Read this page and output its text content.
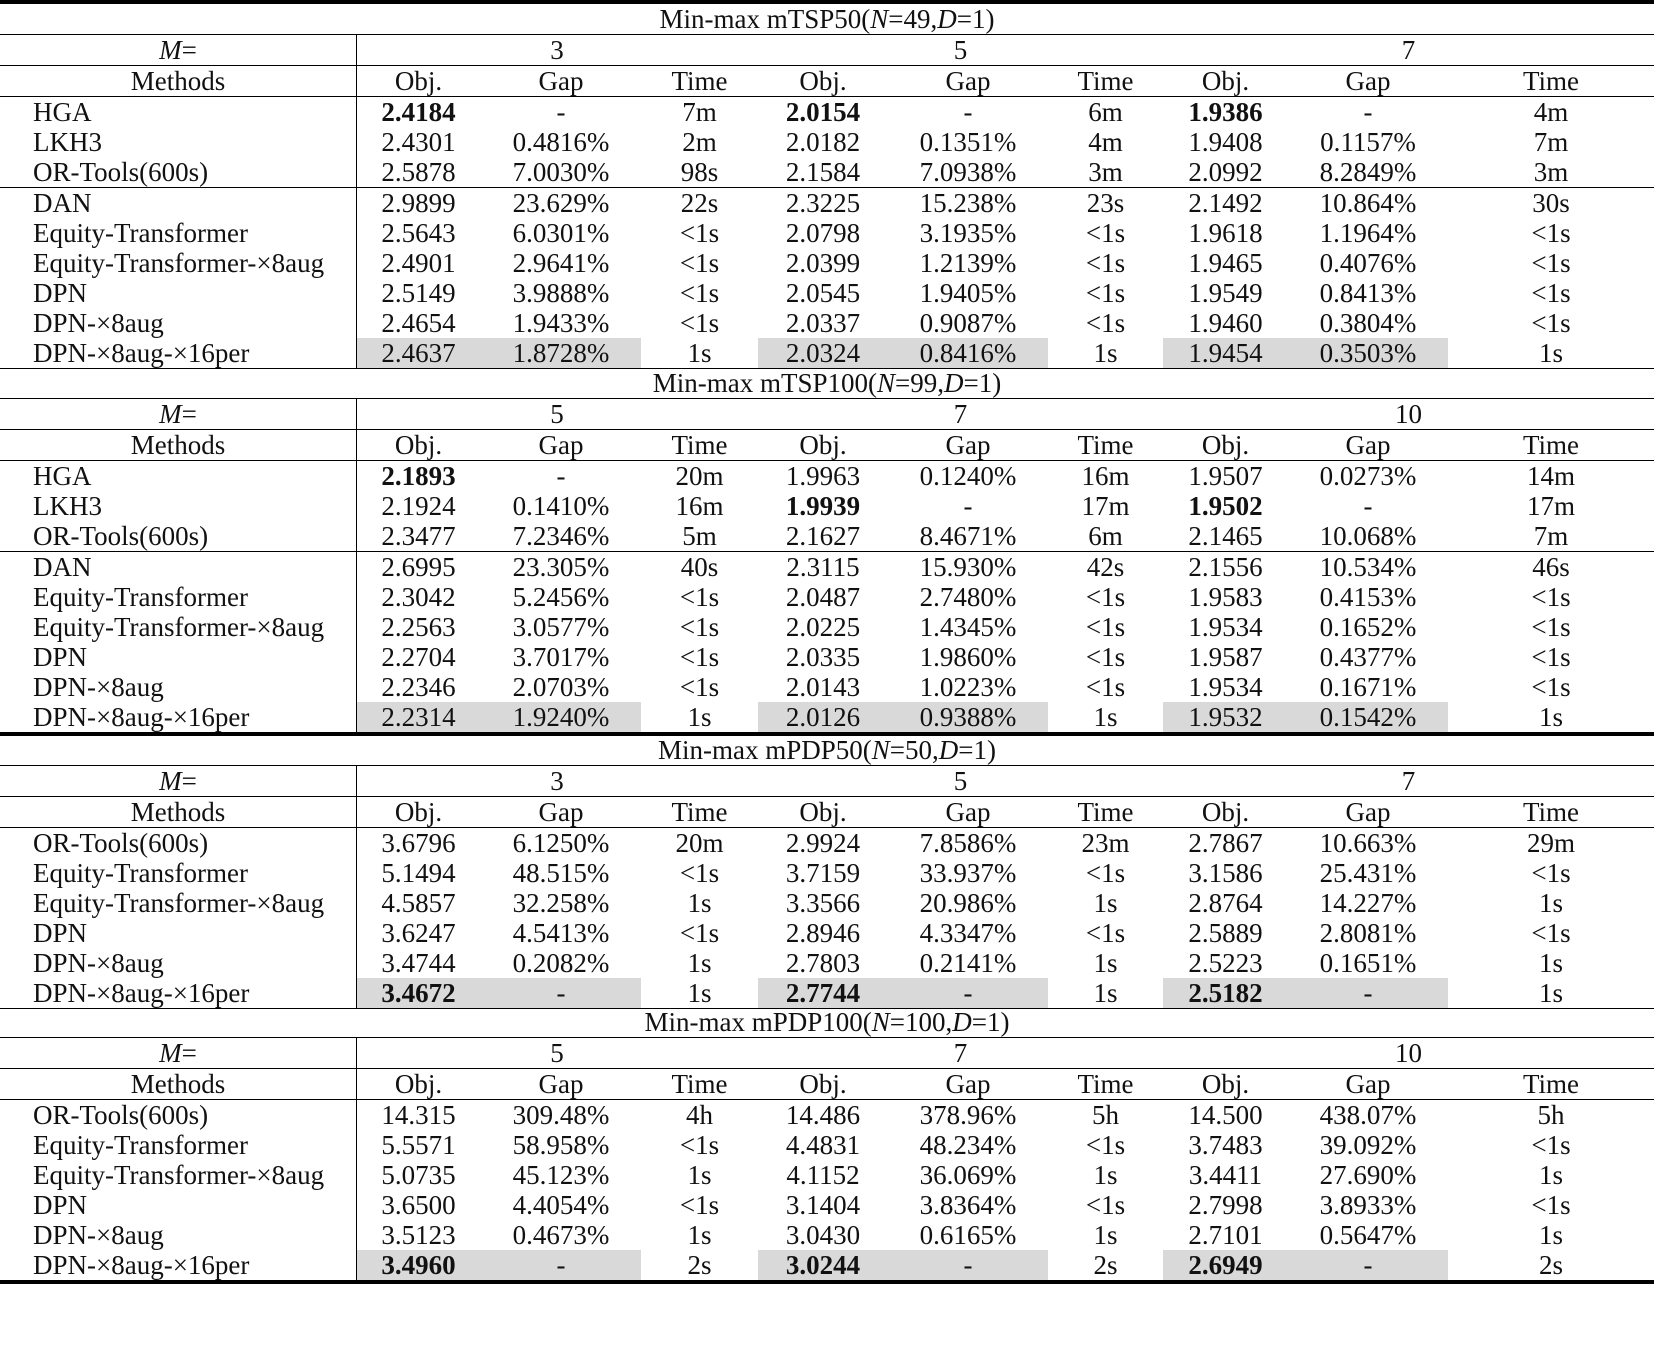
Min-max mTSP50( N =49, D =1)
M =	3	5	7
Methods	Obj.	Gap	Time	Obj.	Gap	Time	Obj.	Gap	Time
HGA	2.4184	-	7m	2.0154	-	6m	1.9386	-	4m
LKH3	2.4301	0.4816%	2m	2.0182	0.1351%	4m	1.9408	0.1157%	7m
OR-Tools(600s)	2.5878	7.0030%	98s	2.1584	7.0938%	3m	2.0992	8.2849%	3m
DAN	2.9899	23.629%	22s	2.3225	15.238%	23s	2.1492	10.864%	30s
Equity-Transformer	2.5643	6.0301%	<1s	2.0798	3.1935%	<1s	1.9618	1.1964%	<1s
Equity-Transformer-×8aug	2.4901	2.9641%	<1s	2.0399	1.2139%	<1s	1.9465	0.4076%	<1s
DPN	2.5149	3.9888%	<1s	2.0545	1.9405%	<1s	1.9549	0.8413%	<1s
DPN-×8aug	2.4654	1.9433%	<1s	2.0337	0.9087%	<1s	1.9460	0.3804%	<1s
DPN-×8aug-×16per	2.4637	1.8728%	1s	2.0324	0.8416%	1s	1.9454	0.3503%	1s
Min-max mTSP100( N =99, D =1)
M =	5	7	10
Methods	Obj.	Gap	Time	Obj.	Gap	Time	Obj.	Gap	Time
HGA	2.1893	-	20m	1.9963	0.1240%	16m	1.9507	0.0273%	14m
LKH3	2.1924	0.1410%	16m	1.9939	-	17m	1.9502	-	17m
OR-Tools(600s)	2.3477	7.2346%	5m	2.1627	8.4671%	6m	2.1465	10.068%	7m
DAN	2.6995	23.305%	40s	2.3115	15.930%	42s	2.1556	10.534%	46s
Equity-Transformer	2.3042	5.2456%	<1s	2.0487	2.7480%	<1s	1.9583	0.4153%	<1s
Equity-Transformer-×8aug	2.2563	3.0577%	<1s	2.0225	1.4345%	<1s	1.9534	0.1652%	<1s
DPN	2.2704	3.7017%	<1s	2.0335	1.9860%	<1s	1.9587	0.4377%	<1s
DPN-×8aug	2.2346	2.0703%	<1s	2.0143	1.0223%	<1s	1.9534	0.1671%	<1s
DPN-×8aug-×16per	2.2314	1.9240%	1s	2.0126	0.9388%	1s	1.9532	0.1542%	1s
Min-max mPDP50( N =50, D =1)
M =	3	5	7
Methods	Obj.	Gap	Time	Obj.	Gap	Time	Obj.	Gap	Time
OR-Tools(600s)	3.6796	6.1250%	20m	2.9924	7.8586%	23m	2.7867	10.663%	29m
Equity-Transformer	5.1494	48.515%	<1s	3.7159	33.937%	<1s	3.1586	25.431%	<1s
Equity-Transformer-×8aug	4.5857	32.258%	1s	3.3566	20.986%	1s	2.8764	14.227%	1s
DPN	3.6247	4.5413%	<1s	2.8946	4.3347%	<1s	2.5889	2.8081%	<1s
DPN-×8aug	3.4744	0.2082%	1s	2.7803	0.2141%	1s	2.5223	0.1651%	1s
DPN-×8aug-×16per	3.4672	-	1s	2.7744	-	1s	2.5182	-	1s
Min-max mPDP100( N =100, D =1)
M =	5	7	10
Methods	Obj.	Gap	Time	Obj.	Gap	Time	Obj.	Gap	Time
OR-Tools(600s)	14.315	309.48%	4h	14.486	378.96%	5h	14.500	438.07%	5h
Equity-Transformer	5.5571	58.958%	<1s	4.4831	48.234%	<1s	3.7483	39.092%	<1s
Equity-Transformer-×8aug	5.0735	45.123%	1s	4.1152	36.069%	1s	3.4411	27.690%	1s
DPN	3.6500	4.4054%	<1s	3.1404	3.8364%	<1s	2.7998	3.8933%	<1s
DPN-×8aug	3.5123	0.4673%	1s	3.0430	0.6165%	1s	2.7101	0.5647%	1s
DPN-×8aug-×16per	3.4960	-	2s	3.0244	-	2s	2.6949	-	2s
